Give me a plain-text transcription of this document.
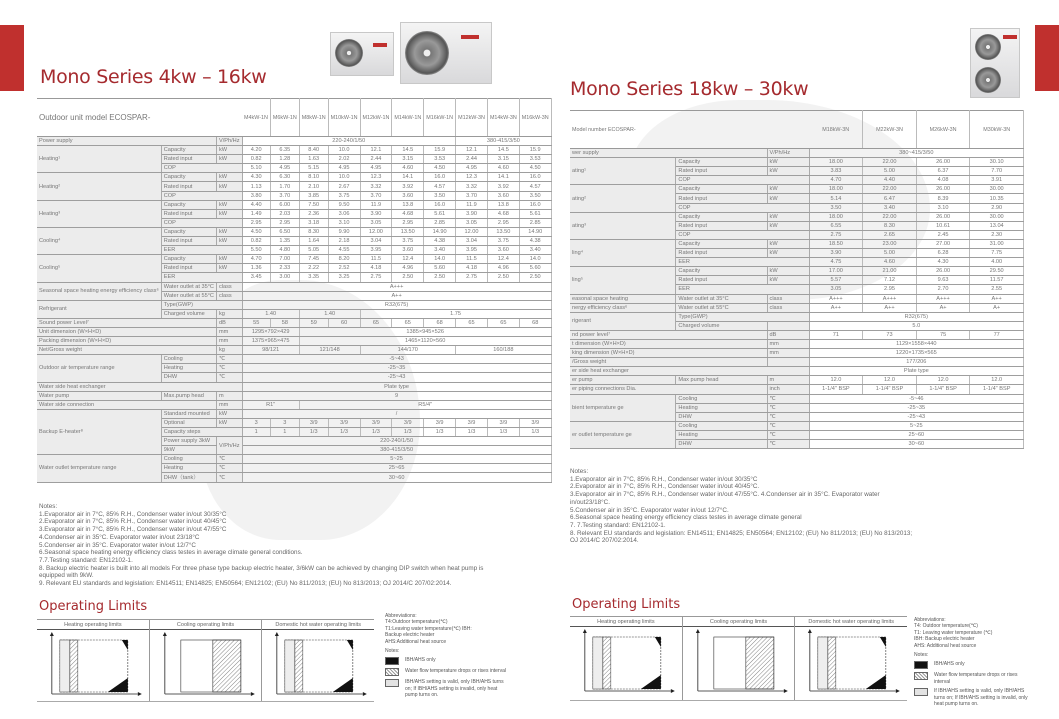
Mono Series 4kw – 16kw
Outdoor unit model ECOSPAR-			M4kW-1N	M6kW-1N	M8kW-1N	M10kW-1N	M12kW-1N	M14kW-1N	M16kW-1N	M12kW-3N	M14kW-3N	M16kW-3N
Power supply		V/Ph/Hz	220-240/1/50							380-415/3/50		
Heating¹	Capacity	kW	4.20	6.35	8.40	10.0	12.1	14.5	15.9	12.1	14.5	15.9
	Rated input	kW	0.82	1.28	1.63	2.02	2.44	3.15	3.53	2.44	3.15	3.53
	COP		5.10	4.95	5.15	4.95	4.95	4.60	4.50	4.95	4.60	4.50
Heating²	Capacity	kW	4.30	6.30	8.10	10.0	12.3	14.1	16.0	12.3	14.1	16.0
	Rated input	kW	1.13	1.70	2.10	2.67	3.32	3.92	4.57	3.32	3.92	4.57
	COP		3.80	3.70	3.85	3.75	3.70	3.60	3.50	3.70	3.60	3.50
Heating³	Capacity	kW	4.40	6.00	7.50	9.50	11.9	13.8	16.0	11.9	13.8	16.0
	Rated input	kW	1.49	2.03	2.36	3.06	3.90	4.68	5.61	3.90	4.68	5.61
	COP		2.95	2.95	3.18	3.10	3.05	2.95	2.85	3.05	2.95	2.85
Cooling⁴	Capacity	kW	4.50	6.50	8.30	9.90	12.00	13.50	14.90	12.00	13.50	14.90
	Rated input	kW	0.82	1.35	1.64	2.18	3.04	3.75	4.38	3.04	3.75	4.38
	EER		5.50	4.80	5.05	4.55	3.95	3.60	3.40	3.95	3.60	3.40
Cooling⁵	Capacity	kW	4.70	7.00	7.45	8.20	11.5	12.4	14.0	11.5	12.4	14.0
	Rated input	kW	1.36	2.33	2.22	2.52	4.18	4.96	5.60	4.18	4.96	5.60
	EER		3.45	3.00	3.35	3.25	2.75	2.50	2.50	2.75	2.50	2.50
Seasonal space heating energy efficiency class⁶	Water outlet at 35°C	class	A+++									
	Water outlet at 55°C	class	A++									
Refrigerant	Type(GWP)		R32(675)									
	Charged volume	kg	1.40		1.40		1.75					
Sound power Level⁷		dB	55	58	59	60	65	65	68	65	65	68
Unit dimension (W×H×D)		mm	1295×792×429		1385×945×526							
Packing dimension (W×H×D)		mm	1375×965×475		1465×1120×560							
Net/Gross weight		kg	98/121		121/148		144/170			160/188		
Outdoor air temperature range	Cooling	℃	-5~43									
	Heating	℃	-25~35									
	DHW	℃	-25~43									
Water side heat exchanger			Plate type									
Water pump	Max.pump head	m	9									
Water side connection		mm	R1"		R5/4"							
Backup E-heater⁸	Standard mounted	kW	/									
	Optional	kW	3	3	3/9	3/9	3/9	3/9	3/9	3/9	3/9	3/9
	Capacity steps		1	1	1/3	1/3	1/3	1/3	1/3	1/3	1/3	1/3
	Power supply 3kW	V/Ph/Hz	220-240/1/50									
	9kW		380-415/3/50									
Water outlet temperature range	Cooling	℃	5~25									
	Heating	℃	25~65									
	DHW（tank）	℃	30~60									
Notes:
1.Evaporator air in 7°C, 85% R.H., Condenser water in/out 30/35°C
2.Evaporator air in 7°C, 85% R.H., Condenser water in/out 40/45°C
3.Evaporator air in 7°C, 85% R.H., Condenser water in/out 47/55°C
4.Condenser air in 35°C. Evaporator water in/out 23/18°C
5.Condenser air in 35°C. Evaporator water in/out 12/7°C
6.Seasonal space heating energy efficiency class testes in average climate general conditions.
7.7.Testing standard: EN12102-1.
8. Backup electric heater is built into all models For three phase type backup electric heater, 3/6kW can be achieved by changing DIP switch when heat pump is equipped with 9kW.
9. Relevant EU standards and legislation: EN14511; EN14825; EN50564; EN12102; (EU) No 811/2013; (EU) No 813/2013; OJ 2014/C 207/02:2014.
Operating Limits
Heating operating limits	Cooling operating limits	Domestic hot water operating limits
Abbreviations:
T4:Outdoor temperature(℃)
T1:Leaving water temperature(℃) IBH:
Backup electric heater
AHS:Additional heat source
Notes:
IBH/AHS only
Water flow temperature drops or rises interval
IBH/AHS setting is valid, only IBH/AHS turns on; If IBH/AHS setting is invalid, only heat pump turns on.
Mono Series 18kw – 30kw
Model number ECOSPAR-			M18kW-3N	M22kW-3N	M26kW-3N	M30kW-3N
wer supply		V/Ph/Hz	380~415/3/50			
ating¹	Capacity	kW	18.00	22.00	26.00	30.10
	Rated input	kW	3.83	5.00	6.37	7.70
	COP		4.70	4.40	4.08	3.91
ating²	Capacity	kW	18.00	22.00	26.00	30.00
	Rated input	kW	5.14	6.47	8.39	10.35
	COP		3.50	3.40	3.10	2.90
ating³	Capacity	kW	18.00	22.00	26.00	30.00
	Rated input	kW	6.55	8.30	10.61	13.04
	COP		2.75	2.65	2.45	2.30
ling⁴	Capacity	kW	18.50	23.00	27.00	31.00
	Rated input	kW	3.90	5.00	6.28	7.75
	EER		4.75	4.60	4.30	4.00
ling⁵	Capacity	kW	17.00	21.00	26.00	29.50
	Rated input	kW	5.57	7.12	9.63	11.57
	EER		3.05	2.95	2.70	2.55
easonal space heating	Water outlet at 35°C	class	A+++	A+++	A+++	A++
nergy efficiency class⁶	Water outlet at 55°C	class	A++	A++	A+	A+
rigerant	Type(GWP)		R32(675)			
	Charged volume		5.0			
nd power level⁷		dB	71	73	75	77
t dimension (W×H×D)		mm	1129×1558×440			
king dimension (W×H×D)		mm	1220×1735×565			
/Gross weight			177/206			
er side heat exchanger			Plate type			
er pump	Max pump head	m	12.0	12.0	12.0	12.0
er piping connections Dia.		inch	1-1/4" BSP	1-1/4" BSP	1-1/4" BSP	1-1/4" BSP
bient temperature ge	Cooling	℃	-5~46			
	Heating	℃	-25~35			
	DHW	℃	-25~43			
er outlet temperature ge	Cooling	℃	5~25			
	Heating	℃	25~60			
	DHW	℃	30~60			
Notes:
1.Evaporator air in 7°C, 85% R.H., Condenser water in/out 30/35°C
2.Evaporator air in 7°C, 85% R.H., Condenser water in/out 40/45°C.
3.Evaporator air in 7°C, 85% R.H., Condenser water in/out 47/55°C. 4.Condenser air in 35°C. Evaporator water in/out23/18°C.
5.Condenser air in 35°C. Evaporator water in/out 12/7°C.
6.Seasonal space heating energy efficiency class testes in average climate general
7. 7.Testing standard: EN12102-1.
8. Relevant EU standards and legislation: EN14511; EN14825; EN50564; EN12102; (EU) No 811/2013; (EU) No 813/2013; OJ 2014/C 207/02:2014.
Operating Limits
Heating operating limits	Cooling operating limits	Domestic hot water operating limits	Abbreviations:
T4: Outdoor temperature(℃)
T1: Leaving water temperature (℃)
IBH: Backup electric heater
AHS: Additional heat source
Notes:
IBH/AHS only
Water flow temperature drops or rises interval
If IBH/AHS setting is valid, only IBH/AHS turns on; If IBH/AHS setting is invalid, only heat pump turns on.
